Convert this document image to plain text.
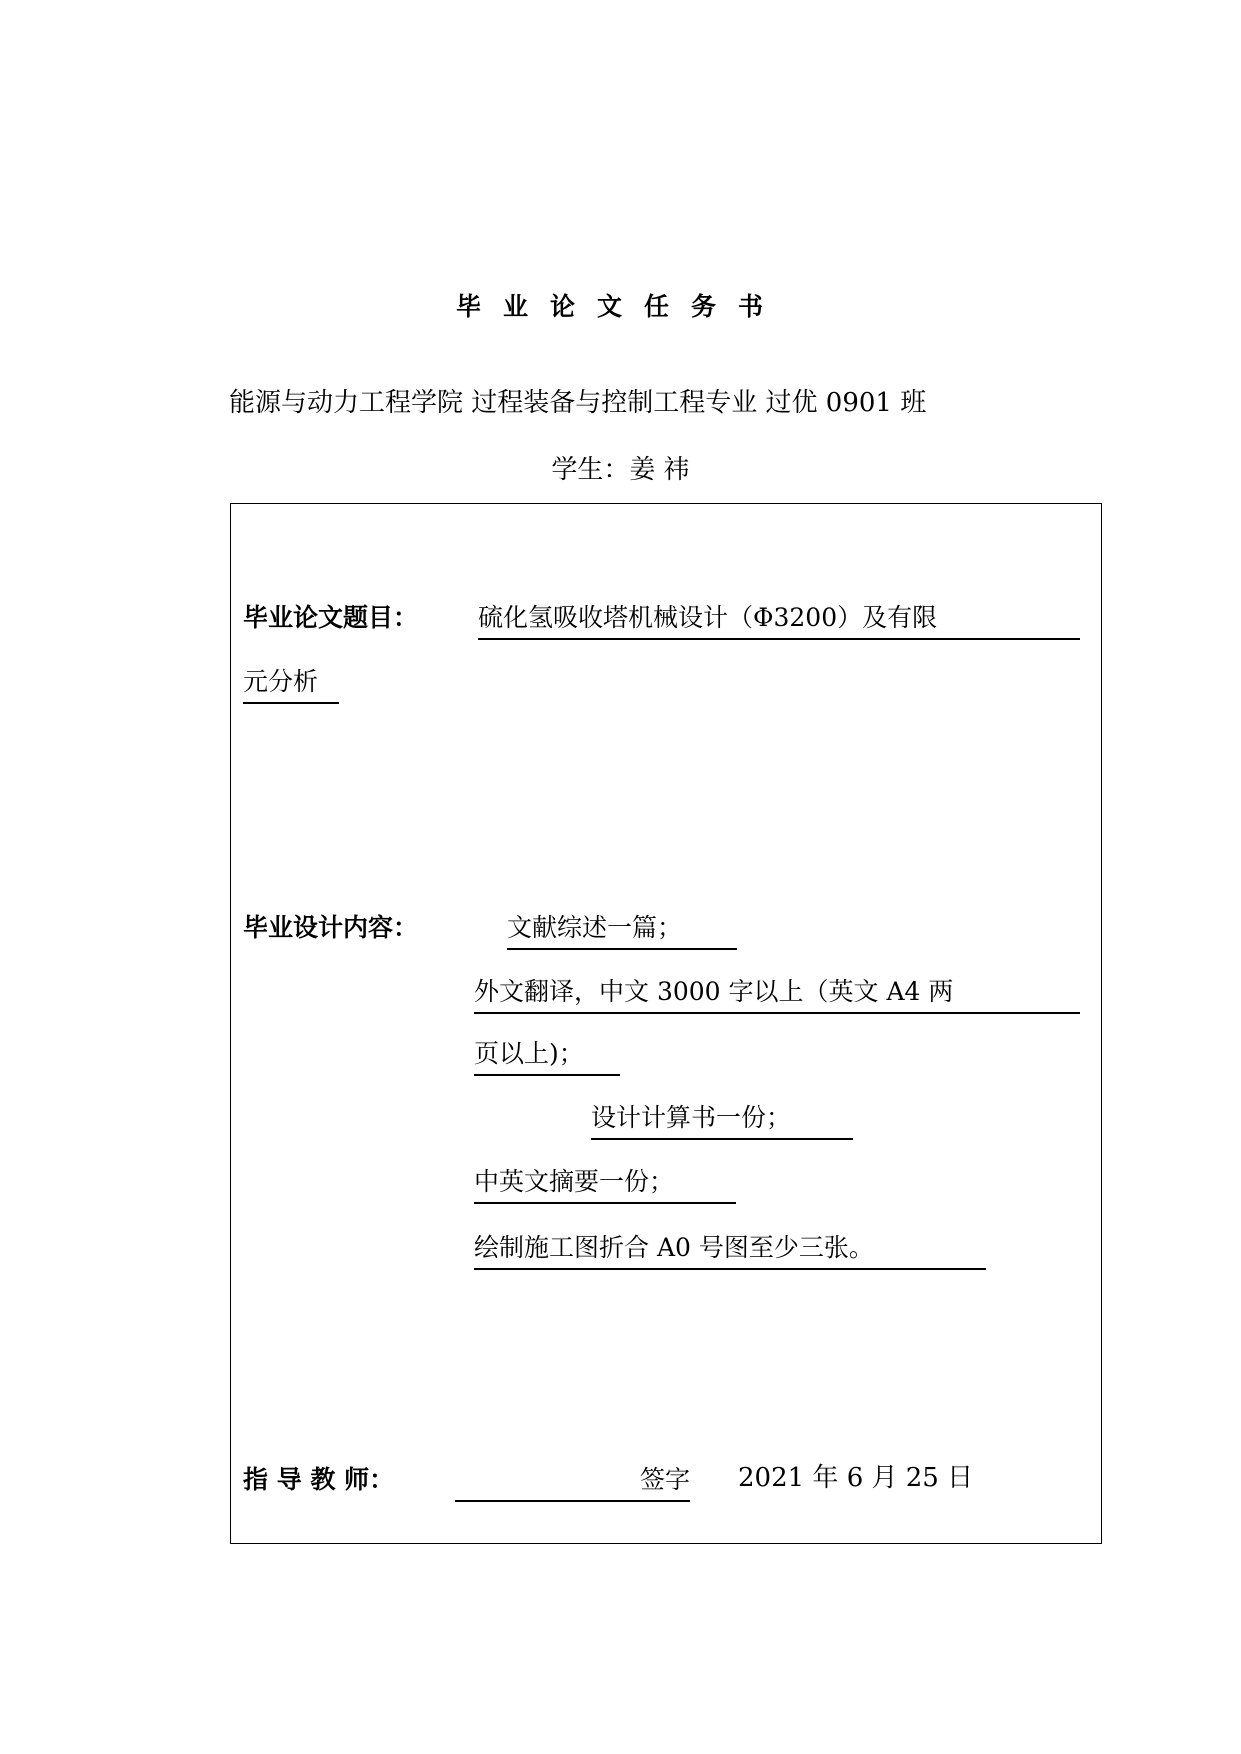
毕业论文任务书
能源与动力工程学院 过程装备与控制工程专业 过优 0901 班
学生：姜 祎
毕业论文题目： 硫化氢吸收塔机械设计（Φ3200）及有限
元分析
毕业设计内容：	文献综述一篇；
外文翻译，中文 3000 字以上（英文 A4 两
页以上)；
设计计算书一份；
中英文摘要一份；
绘制施工图折合 A0 号图至少三张。
指 导 教 师：	签字 2021 年 6 月 25 日
